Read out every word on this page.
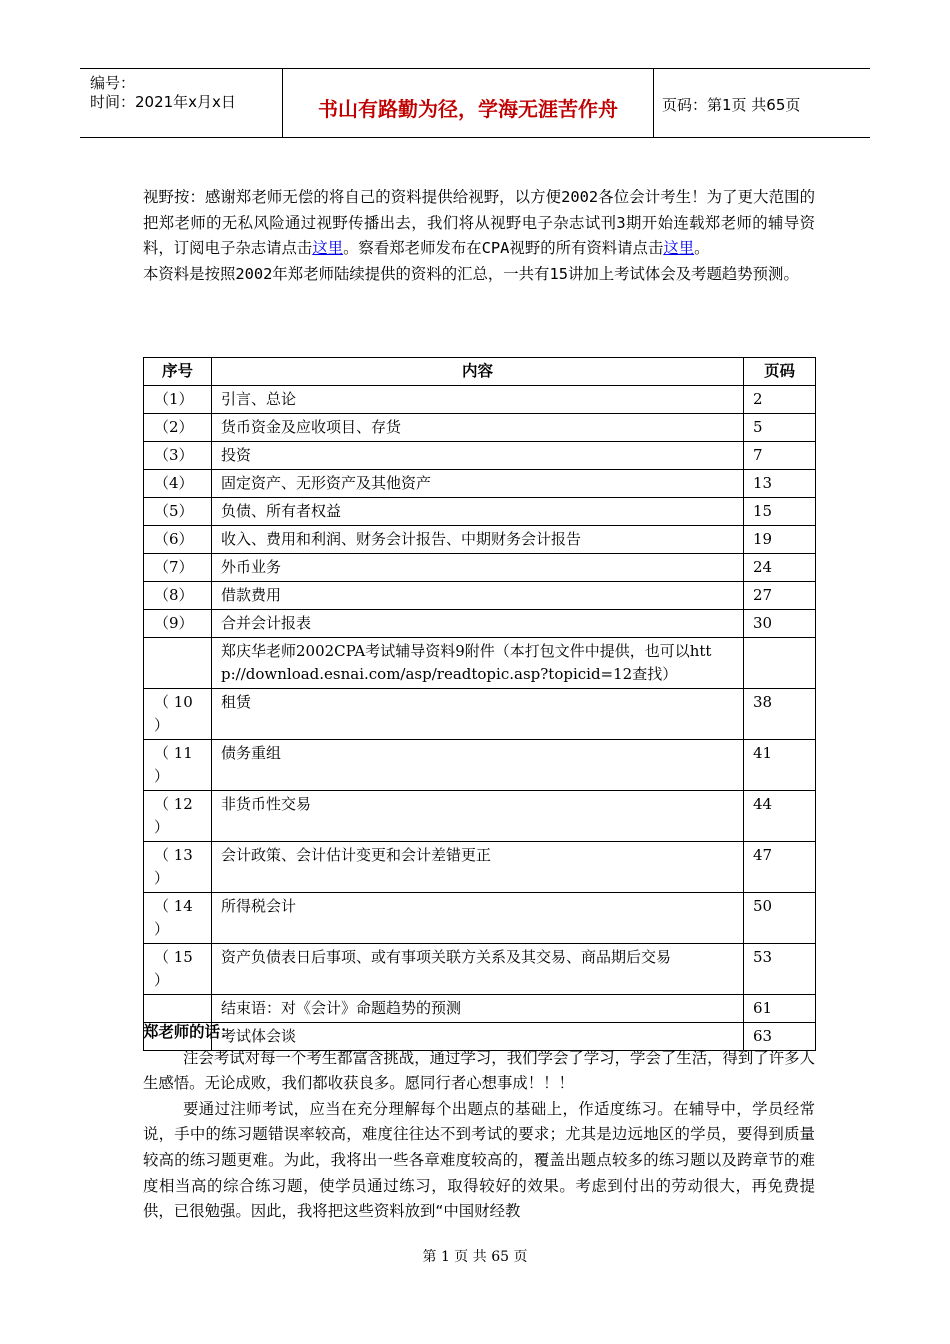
编号：
时间：2021年x月x日	书山有路勤为径，学海无涯苦作舟	页码：第1页 共65页

视野按：感谢郑老师无偿的将自己的资料提供给视野，以方便2002各位会计考生！为了更大范围的把郑老师的无私风险通过视野传播出去，我们将从视野电子杂志试刊3期开始连载郑老师的辅导资料，订阅电子杂志请点击这里。察看郑老师发布在CPA视野的所有资料请点击这里。

本资料是按照2002年郑老师陆续提供的资料的汇总，一共有15讲加上考试体会及考题趋势预测。

序号	内容	页码
（1）	引言、总论	2
（2）	货币资金及应收项目、存货	5
（3）	投资	7
（4）	固定资产、无形资产及其他资产	13
（5）	负债、所有者权益	15
（6）	收入、费用和利润、财务会计报告、中期财务会计报告	19
（7）	外币业务	24
（8）	借款费用	27
（9）	合并会计报表	30
	郑庆华老师2002CPA考试辅导资料9附件（本打包文件中提供，也可以http://download.esnai.com/asp/readtopic.asp?topicid=12查找）	
（ 10 ）	租赁	38
（ 11 ）	债务重组	41
（ 12 ）	非货币性交易	44
（ 13 ）	会计政策、会计估计变更和会计差错更正	47
（ 14 ）	所得税会计	50
（ 15 ）	资产负债表日后事项、或有事项关联方关系及其交易、商品期后交易	53
	结束语：对《会计》命题趋势的预测	61
	考试体会谈	63

郑老师的话：

注会考试对每一个考生都富含挑战，通过学习，我们学会了学习，学会了生活，得到了许多人生感悟。无论成败，我们都收获良多。愿同行者心想事成！！！

要通过注师考试，应当在充分理解每个出题点的基础上，作适度练习。在辅导中，学员经常说，手中的练习题错误率较高，难度往往达不到考试的要求；尤其是边远地区的学员，要得到质量较高的练习题更难。为此，我将出一些各章难度较高的，覆盖出题点较多的练习题以及跨章节的难度相当高的综合练习题，使学员通过练习，取得较好的效果。考虑到付出的劳动很大，再免费提供，已很勉强。因此，我将把这些资料放到“中国财经教

第 1 页 共 65 页
